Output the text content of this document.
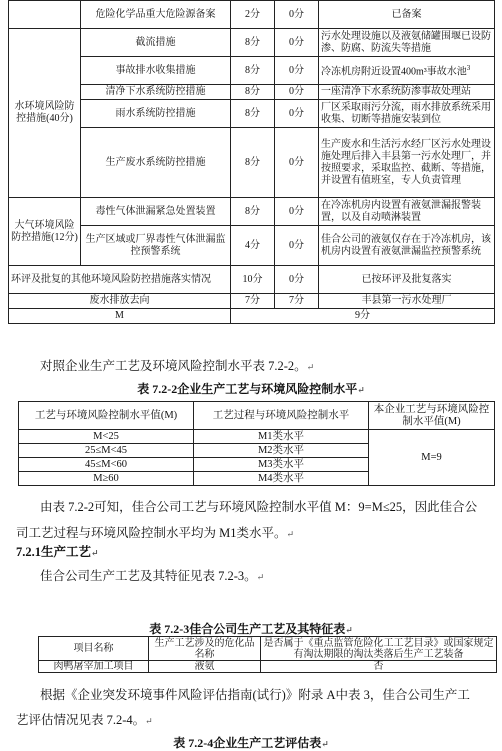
	危险化学品重大危险源备案	2分	0分	已备案
水环境风险防控措施(40分)	截流措施	8分	0分	污水处理设施以及液氨储罐围堰已设防渗、防腐、防流失等措施
	事故排水收集措施	8分	0分	冷冻机房附近设置400m³事故水池$^3$
	清净下水系统防控措施	8分	0分	一座清净下水系统防渗事故处理站
	雨水系统防控措施	8分	0分	厂区采取雨污分流，雨水排放系统采用收集、切断等措施安装到位
	生产废水系统防控措施	8分	0分	生产废水和生活污水经厂区污水处理设施处理后排入丰县第一污水处理厂，并按照要求，采取监控、截断、等措施，并设置有值班室，专人负责管理
大气环境风险防控措施(12分)	毒性气体泄漏紧急处置装置	8分	0分	在冷冻机房内设置有液氨泄漏报警装置，以及自动喷淋装置
	生产区域或厂界毒性气体泄漏监控预警系统	4分	0分	佳合公司的液氨仅存在于冷冻机房，该机房内设置有液氨泄漏监控预警系统
环评及批复的其他环境风险防控措施落实情况		10分	0分	已按环评及批复落实
废水排放去向		7分	7分	丰县第一污水处理厂
M		9分		
对照企业生产工艺及环境风险控制水平表 7.2-2。↵
表 7.2-2企业生产工艺与环境风险控制水平↵
工艺与环境风险控制水平值(M)	工艺过程与环境风险控制水平	本企业工艺与环境风险控制水平值(M)
M<25	M1类水平	M=9
25≤M<45	M2类水平	
45≤M<60	M3类水平	
M≥60	M4类水平	
由表 7.2-2可知，佳合公司工艺与环境风险控制水平值 M：9=M≤25，因此佳合公
司工艺过程与环境风险控制水平均为 M1类水平。↵
7.2.1生产工艺↵
佳合公司生产工艺及其特征见表 7.2-3。↵
表 7.2-3佳合公司生产工艺及其特征表↵
项目名称	生产工艺涉及的危化品名称	是否属于《重点监管危险化工工艺目录》或国家规定有淘汰期限的淘汰类落后生产工艺装备
肉鸭屠宰加工项目	液氨	否
根据《企业突发环境事件风险评估指南(试行)》附录 A中表 3，佳合公司生产工
艺评估情况见表 7.2-4。↵
表 7.2-4企业生产工艺评估表↵
